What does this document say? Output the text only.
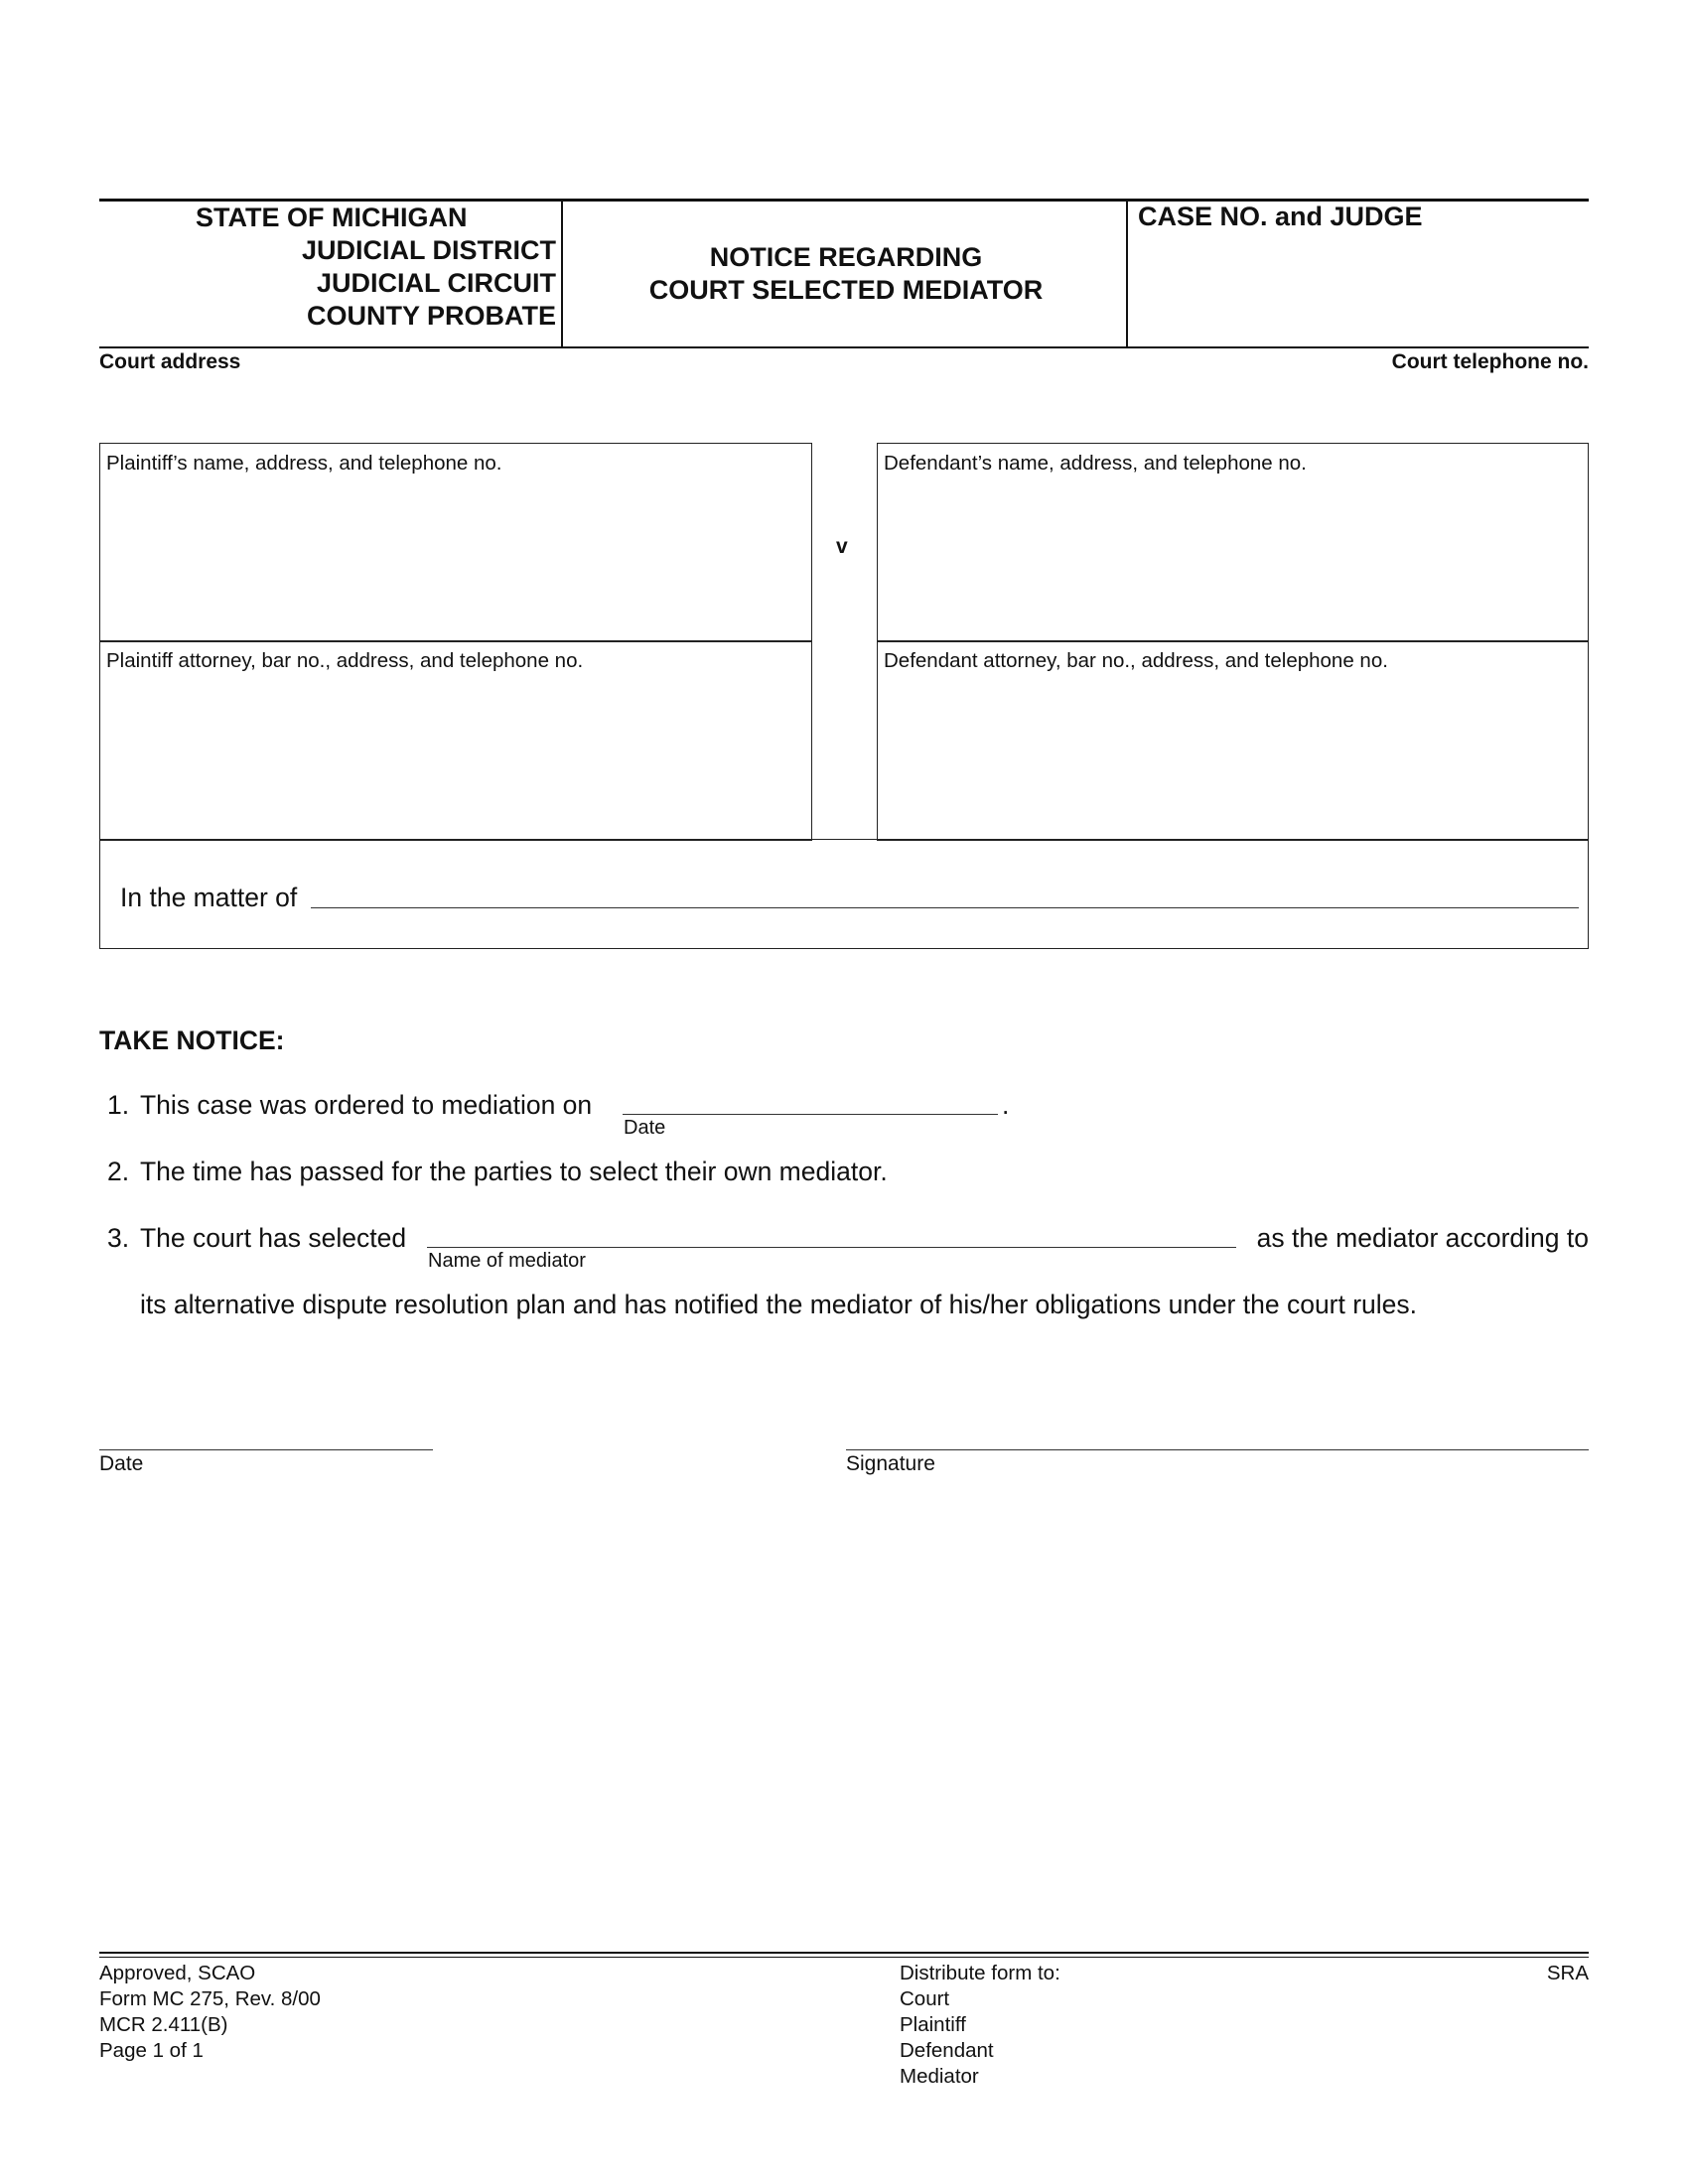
STATE OF MICHIGAN
JUDICIAL DISTRICT
JUDICIAL CIRCUIT
COUNTY PROBATE
NOTICE REGARDING
COURT SELECTED MEDIATOR
CASE NO. and JUDGE
Court address	Court telephone no.
Plaintiff’s name, address, and telephone no.
Plaintiff attorney, bar no., address, and telephone no.
v
Defendant’s name, address, and telephone no.
Defendant attorney, bar no., address, and telephone no.
In the matter of
TAKE NOTICE:
1. This case was ordered to mediation on	.
Date
2. The time has passed for the parties to select their own mediator.
3. The court has selected
Name of mediator
as the mediator according to
its alternative dispute resolution plan and has notified the mediator of his/her obligations under the court rules.
Date	Signature
Approved, SCAO
Form MC 275, Rev. 8/00
MCR 2.411(B)
Page 1 of 1
Distribute form to:
Court
Plaintiff
Defendant
Mediator
SRA
